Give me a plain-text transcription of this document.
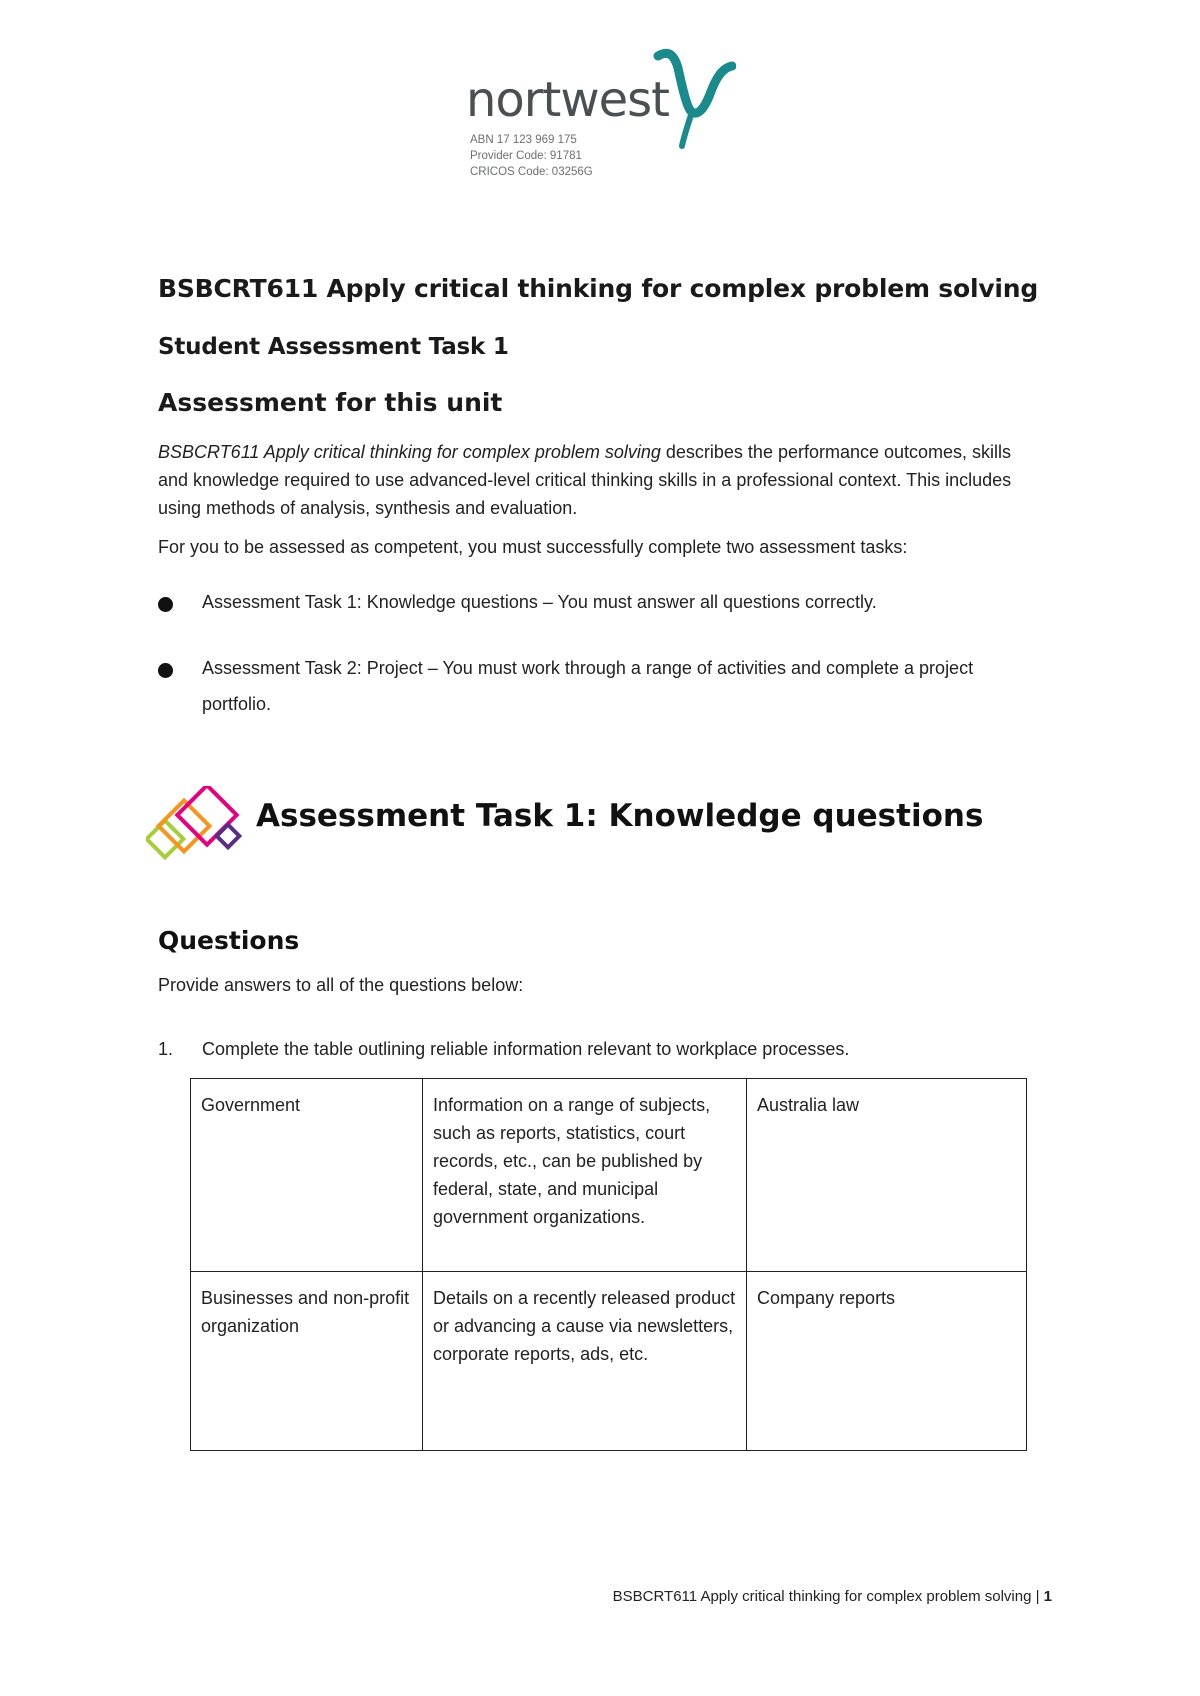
nortwest
ABN 17 123 969 175
Provider Code: 91781
CRICOS Code: 03256G
BSBCRT611 Apply critical thinking for complex problem solving
Student Assessment Task 1
Assessment for this unit

BSBCRT611 Apply critical thinking for complex problem solving describes the performance outcomes, skills and knowledge required to use advanced-level critical thinking skills in a professional context. This includes using methods of analysis, synthesis and evaluation.

For you to be assessed as competent, you must successfully complete two assessment tasks:

Assessment Task 1: Knowledge questions – You must answer all questions correctly.
Assessment Task 2: Project – You must work through a range of activities and complete a project portfolio.
Assessment Task 1: Knowledge questions
Questions

Provide answers to all of the questions below:

1. Complete the table outlining reliable information relevant to workplace processes.
Government	Information on a range of subjects, such as reports, statistics, court records, etc., can be published by federal, state, and municipal government organizations.	Australia law
Businesses and non-profit organization	Details on a recently released product or advancing a cause via newsletters, corporate reports, ads, etc.	Company reports
BSBCRT611 Apply critical thinking for complex problem solving | 1
